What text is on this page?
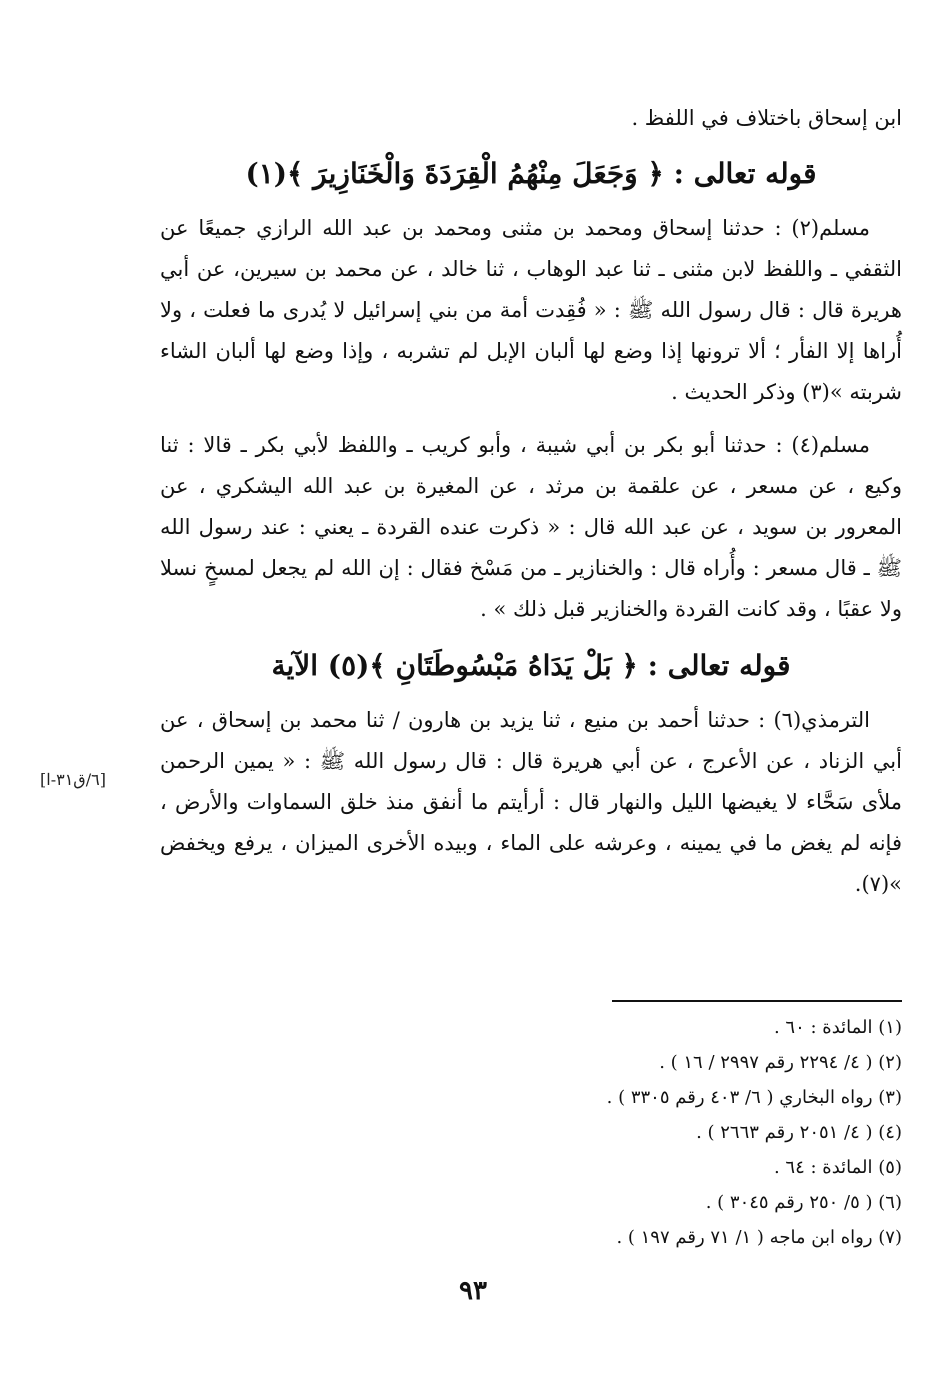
ابن إسحاق باختلاف في اللفظ .

قوله تعالى : ﴿ وَجَعَلَ مِنْهُمُ الْقِرَدَةَ وَالْخَنَازِيرَ ﴾(١)

مسلم(٢) : حدثنا إسحاق ومحمد بن مثنى ومحمد بن عبد الله الرازي جميعًا عن الثقفي ـ واللفظ لابن مثنى ـ ثنا عبد الوهاب ، ثنا خالد ، عن محمد بن سيرين، عن أبي هريرة قال : قال رسول الله ﷺ : « فُقِدت أمة من بني إسرائيل لا يُدرى ما فعلت ، ولا أُراها إلا الفأر ؛ ألا ترونها إذا وضع لها ألبان الإبل لم تشربه ، وإذا وضع لها ألبان الشاء شربته »(٣) وذكر الحديث .

مسلم(٤) : حدثنا أبو بكر بن أبي شيبة ، وأبو كريب ـ واللفظ لأبي بكر ـ قالا : ثنا وكيع ، عن مسعر ، عن علقمة بن مرثد ، عن المغيرة بن عبد الله اليشكري ، عن المعرور بن سويد ، عن عبد الله قال : « ذكرت عنده القردة ـ يعني : عند رسول الله ﷺ ـ قال مسعر : وأُراه قال : والخنازير ـ من مَسْخ فقال : إن الله لم يجعل لمسخٍ نسلا ولا عقبًا ، وقد كانت القردة والخنازير قبل ذلك » .

قوله تعالى : ﴿ بَلْ يَدَاهُ مَبْسُوطَتَانِ ﴾(٥) الآية

الترمذي(٦) : حدثنا أحمد بن منيع ، ثنا يزيد بن هارون / ثنا محمد بن إسحاق ، عن أبي الزناد ، عن الأعرج ، عن أبي هريرة قال : قال رسول الله ﷺ : « يمين الرحمن ملأى سَحَّاء لا يغيضها الليل والنهار قال : أرأيتم ما أنفق منذ خلق السماوات والأرض ، فإنه لم يغض ما في يمينه ، وعرشه على الماء ، وبيده الأخرى الميزان ، يرفع ويخفض »(٧).

[٦/ق٣١-ا]

(١) المائدة : ٦٠ .

(٢) ( ٤/ ٢٢٩٤ رقم ٢٩٩٧ / ١٦ ) .

(٣) رواه البخاري ( ٦/ ٤٠٣ رقم ٣٣٠٥ ) .

(٤) ( ٤/ ٢٠٥١ رقم ٢٦٦٣ ) .

(٥) المائدة : ٦٤ .

(٦) ( ٥/ ٢٥٠ رقم ٣٠٤٥ ) .

(٧) رواه ابن ماجه ( ١/ ٧١ رقم ١٩٧ ) .

٩٣
